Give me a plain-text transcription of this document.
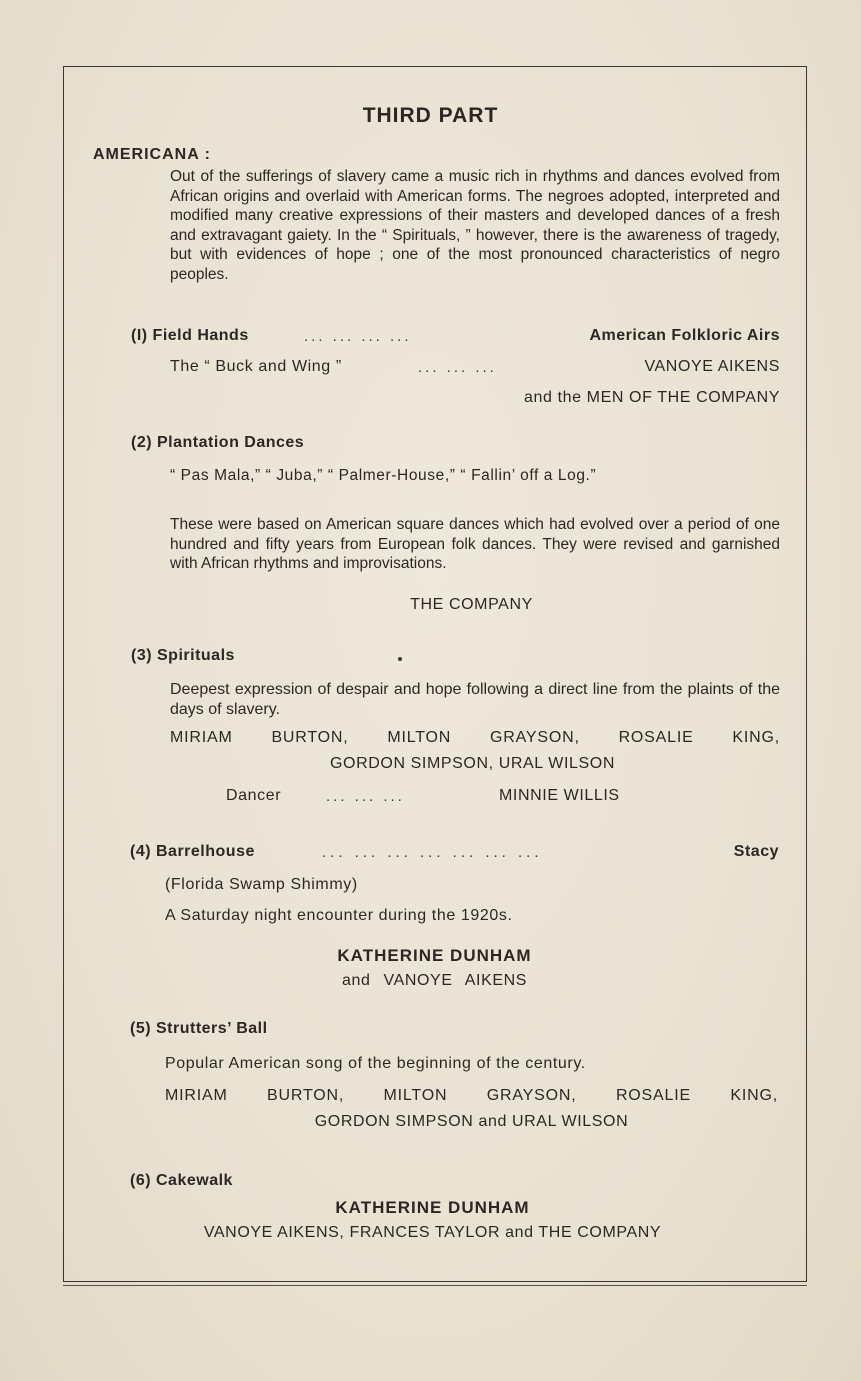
THIRD PART
AMERICANA :
Out of the sufferings of slavery came a music rich in rhythms and dances evolved from African origins and overlaid with American forms. The negroes adopted, interpreted and modified many creative expressions of their masters and developed dances of a fresh and extravagant gaiety. In the “ Spirituals, ” however, there is the awareness of tragedy, but with evidences of hope ; one of the most pronounced characteristics of negro peoples.
(I) Field Hands	... ... ... ...	American Folkloric Airs
The “ Buck and Wing ”	... ... ...	VANOYE AIKENS
and the MEN OF THE COMPANY
(2) Plantation Dances
“ Pas Mala,” “ Juba,” “ Palmer-House,” “ Fallin’ off a Log.”
These were based on American square dances which had evolved over a period of one hundred and fifty years from European folk dances. They were revised and garnished with African rhythms and improvisations.
THE COMPANY
(3) Spirituals
Deepest expression of despair and hope following a direct line from the plaints of the days of slavery.
MIRIAM BURTON, MILTON GRAYSON, ROSALIE KING,
GORDON SIMPSON, URAL WILSON
Dancer	... ... ...	MINNIE WILLIS
(4) Barrelhouse	... ... ... ... ... ... ...	Stacy
(Florida Swamp Shimmy)
A Saturday night encounter during the 1920s.
KATHERINE DUNHAM
and VANOYE AIKENS
(5) Strutters’ Ball
Popular American song of the beginning of the century.
MIRIAM BURTON, MILTON GRAYSON, ROSALIE KING,
GORDON SIMPSON and URAL WILSON
(6) Cakewalk
KATHERINE DUNHAM
VANOYE AIKENS, FRANCES TAYLOR and THE COMPANY
